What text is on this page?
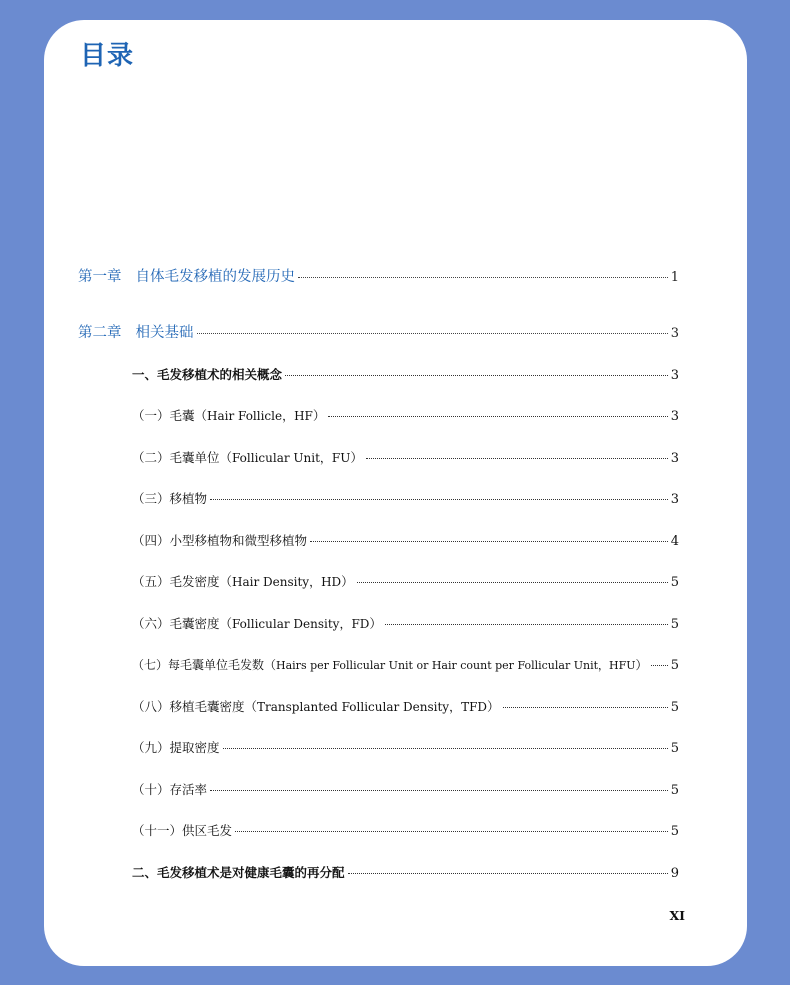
目录
第一章 自体毛发移植的发展历史	1
第二章 相关基础	3
一、毛发移植术的相关概念	3
（一）毛囊（ Hair Follicle，HF ）	3
（二）毛囊单位（ Follicular Unit，FU ）	3
（三）移植物	3
（四）小型移植物和微型移植物	4
（五）毛发密度（ Hair Density，HD ）	5
（六）毛囊密度（ Follicular Density，FD ）	5
（七）每毛囊单位毛发数（ Hairs per Follicular Unit or Hair count per Follicular Unit，HFU ） 5
（八）移植毛囊密度（ Transplanted Follicular Density，TFD ）	5
（九）提取密度	5
（十）存活率	5
（十一）供区毛发	5
二、毛发移植术是对健康毛囊的再分配	9
XI
